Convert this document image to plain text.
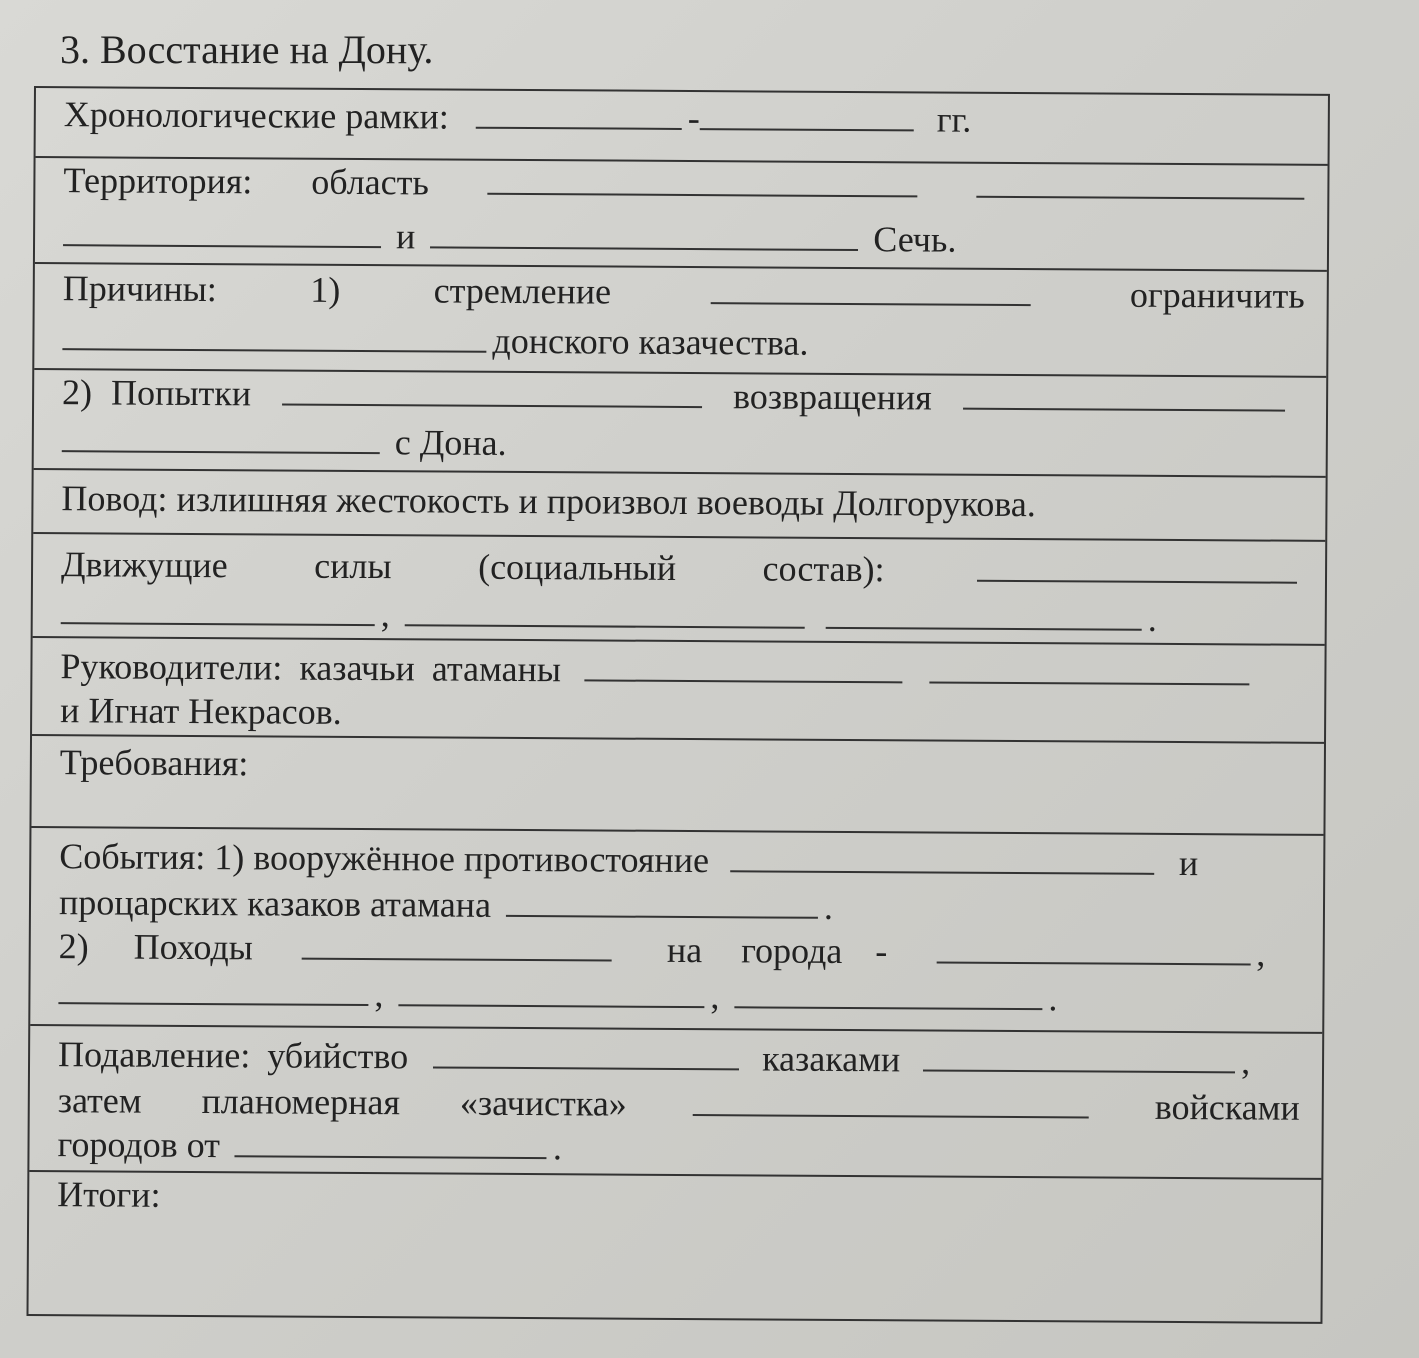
3. Восстание на Дону.
Хронологические рамки:	-	гг.
Территория: область
и	Сечь.
Причины:	1)	стремление	ограничить
донского казачества.
2) Попытки	возвращения
с Дона.
Повод: излишняя жестокость и произвол воеводы Долгорукова.
Движущие силы (социальный состав):
,	.
Руководители: казачьи атаманы
и Игнат Некрасов.
Требования:
События: 1) вооружённое противостояние	и
процарских казаков атамана	.
2) Походы	на города -	,
,	,	.
Подавление: убийство	казаками	,
затем планомерная «зачистка»	войсками
городов от	.
Итоги:
